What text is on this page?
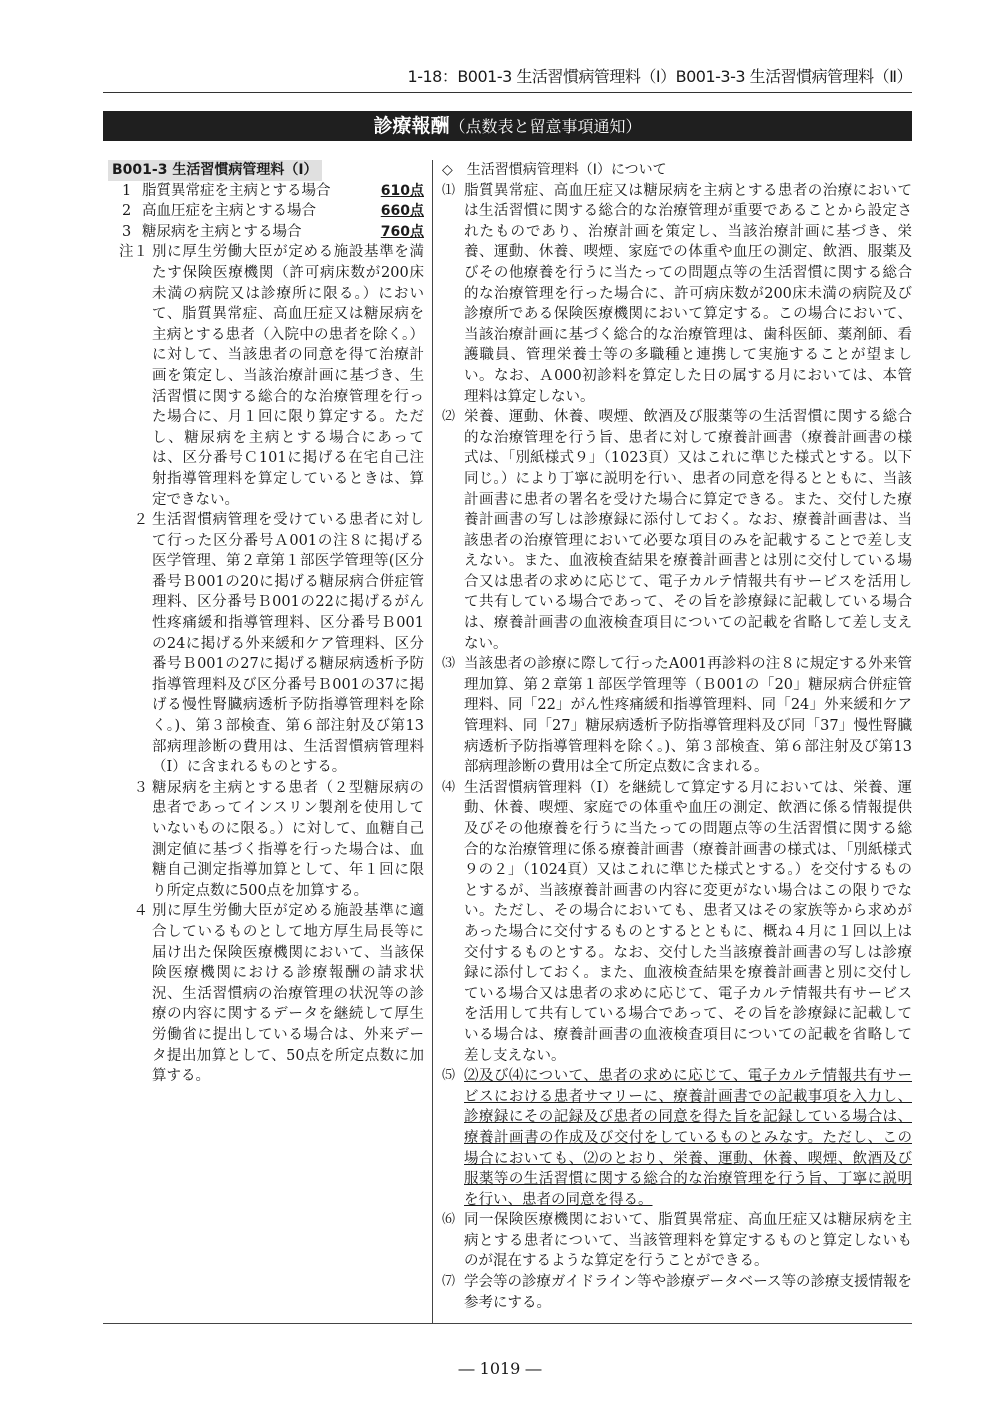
1-18：B001-3 生活習慣病管理料（Ⅰ）B001-3-3 生活習慣病管理料（Ⅱ）
診療報酬（点数表と留意事項通知）
B001-3 生活習慣病管理料（Ⅰ）
1 脂質異常症を主病とする場合	610点
2 高血圧症を主病とする場合	660点
3 糖尿病を主病とする場合	760点
注１ 別に厚生労働大臣が定める施設基準を満たす保険医療機関（許可病床数が200床未満の病院又は診療所に限る。）において、脂質異常症、高血圧症又は糖尿病を主病とする患者（入院中の患者を除く。）に対して、当該患者の同意を得て治療計画を策定し、当該治療計画に基づき、生活習慣に関する総合的な治療管理を行った場合に、月１回に限り算定する。ただし、糖尿病を主病とする場合にあっては、区分番号Ｃ101に掲げる在宅自己注射指導管理料を算定しているときは、算定できない。
２ 生活習慣病管理を受けている患者に対して行った区分番号Ａ001の注８に掲げる医学管理、第２章第１部医学管理等(区分番号Ｂ001の20に掲げる糖尿病合併症管理料、区分番号Ｂ001の22に掲げるがん性疼痛緩和指導管理料、区分番号Ｂ001の24に掲げる外来緩和ケア管理料、区分番号Ｂ001の27に掲げる糖尿病透析予防指導管理料及び区分番号Ｂ001の37に掲げる慢性腎臓病透析予防指導管理料を除く。)、第３部検査、第６部注射及び第13部病理診断の費用は、生活習慣病管理料（Ⅰ）に含まれるものとする。
３ 糖尿病を主病とする患者（２型糖尿病の患者であってインスリン製剤を使用していないものに限る。）に対して、血糖自己測定値に基づく指導を行った場合は、血糖自己測定指導加算として、年１回に限り所定点数に500点を加算する。
４ 別に厚生労働大臣が定める施設基準に適合しているものとして地方厚生局長等に届け出た保険医療機関において、当該保険医療機関における診療報酬の請求状況、生活習慣病の治療管理の状況等の診療の内容に関するデータを継続して厚生労働省に提出している場合は、外来データ提出加算として、50点を所定点数に加算する。
◇　生活習慣病管理料（Ⅰ）について
⑴ 脂質異常症、高血圧症又は糖尿病を主病とする患者の治療においては生活習慣に関する総合的な治療管理が重要であることから設定されたものであり、治療計画を策定し、当該治療計画に基づき、栄養、運動、休養、喫煙、家庭での体重や血圧の測定、飲酒、服薬及びその他療養を行うに当たっての問題点等の生活習慣に関する総合的な治療管理を行った場合に、許可病床数が200床未満の病院及び診療所である保険医療機関において算定する。この場合において、当該治療計画に基づく総合的な治療管理は、歯科医師、薬剤師、看護職員、管理栄養士等の多職種と連携して実施することが望ましい。なお、Ａ000初診料を算定した日の属する月においては、本管理料は算定しない。
⑵ 栄養、運動、休養、喫煙、飲酒及び服薬等の生活習慣に関する総合的な治療管理を行う旨、患者に対して療養計画書（療養計画書の様式は、「別紙様式９」（1023頁）又はこれに準じた様式とする。以下同じ。）により丁寧に説明を行い、患者の同意を得るとともに、当該計画書に患者の署名を受けた場合に算定できる。また、交付した療養計画書の写しは診療録に添付しておく。なお、療養計画書は、当該患者の治療管理において必要な項目のみを記載することで差し支えない。また、血液検査結果を療養計画書とは別に交付している場合又は患者の求めに応じて、電子カルテ情報共有サービスを活用して共有している場合であって、その旨を診療録に記載している場合は、療養計画書の血液検査項目についての記載を省略して差し支えない。
⑶ 当該患者の診療に際して行ったA001再診料の注８に規定する外来管理加算、第２章第１部医学管理等（Ｂ001の「20」糖尿病合併症管理料、同「22」がん性疼痛緩和指導管理料、同「24」外来緩和ケア管理料、同「27」糖尿病透析予防指導管理料及び同「37」慢性腎臓病透析予防指導管理料を除く。)、第３部検査、第６部注射及び第13部病理診断の費用は全て所定点数に含まれる。
⑷ 生活習慣病管理料（Ⅰ）を継続して算定する月においては、栄養、運動、休養、喫煙、家庭での体重や血圧の測定、飲酒に係る情報提供及びその他療養を行うに当たっての問題点等の生活習慣に関する総合的な治療管理に係る療養計画書（療養計画書の様式は、「別紙様式９の２」（1024頁）又はこれに準じた様式とする。）を交付するものとするが、当該療養計画書の内容に変更がない場合はこの限りでない。ただし、その場合においても、患者又はその家族等から求めがあった場合に交付するものとするとともに、概ね４月に１回以上は交付するものとする。なお、交付した当該療養計画書の写しは診療録に添付しておく。また、血液検査結果を療養計画書と別に交付している場合又は患者の求めに応じて、電子カルテ情報共有サービスを活用して共有している場合であって、その旨を診療録に記載している場合は、療養計画書の血液検査項目についての記載を省略して差し支えない。
⑸ ⑵及び⑷について、患者の求めに応じて、電子カルテ情報共有サービスにおける患者サマリーに、療養計画書での記載事項を入力し、診療録にその記録及び患者の同意を得た旨を記録している場合は、療養計画書の作成及び交付をしているものとみなす。ただし、この場合においても、⑵のとおり、栄養、運動、休養、喫煙、飲酒及び服薬等の生活習慣に関する総合的な治療管理を行う旨、丁寧に説明を行い、患者の同意を得る。
⑹ 同一保険医療機関において、脂質異常症、高血圧症又は糖尿病を主病とする患者について、当該管理料を算定するものと算定しないものが混在するような算定を行うことができる。
⑺ 学会等の診療ガイドライン等や診療データベース等の診療支援情報を参考にする。
― 1019 ―
